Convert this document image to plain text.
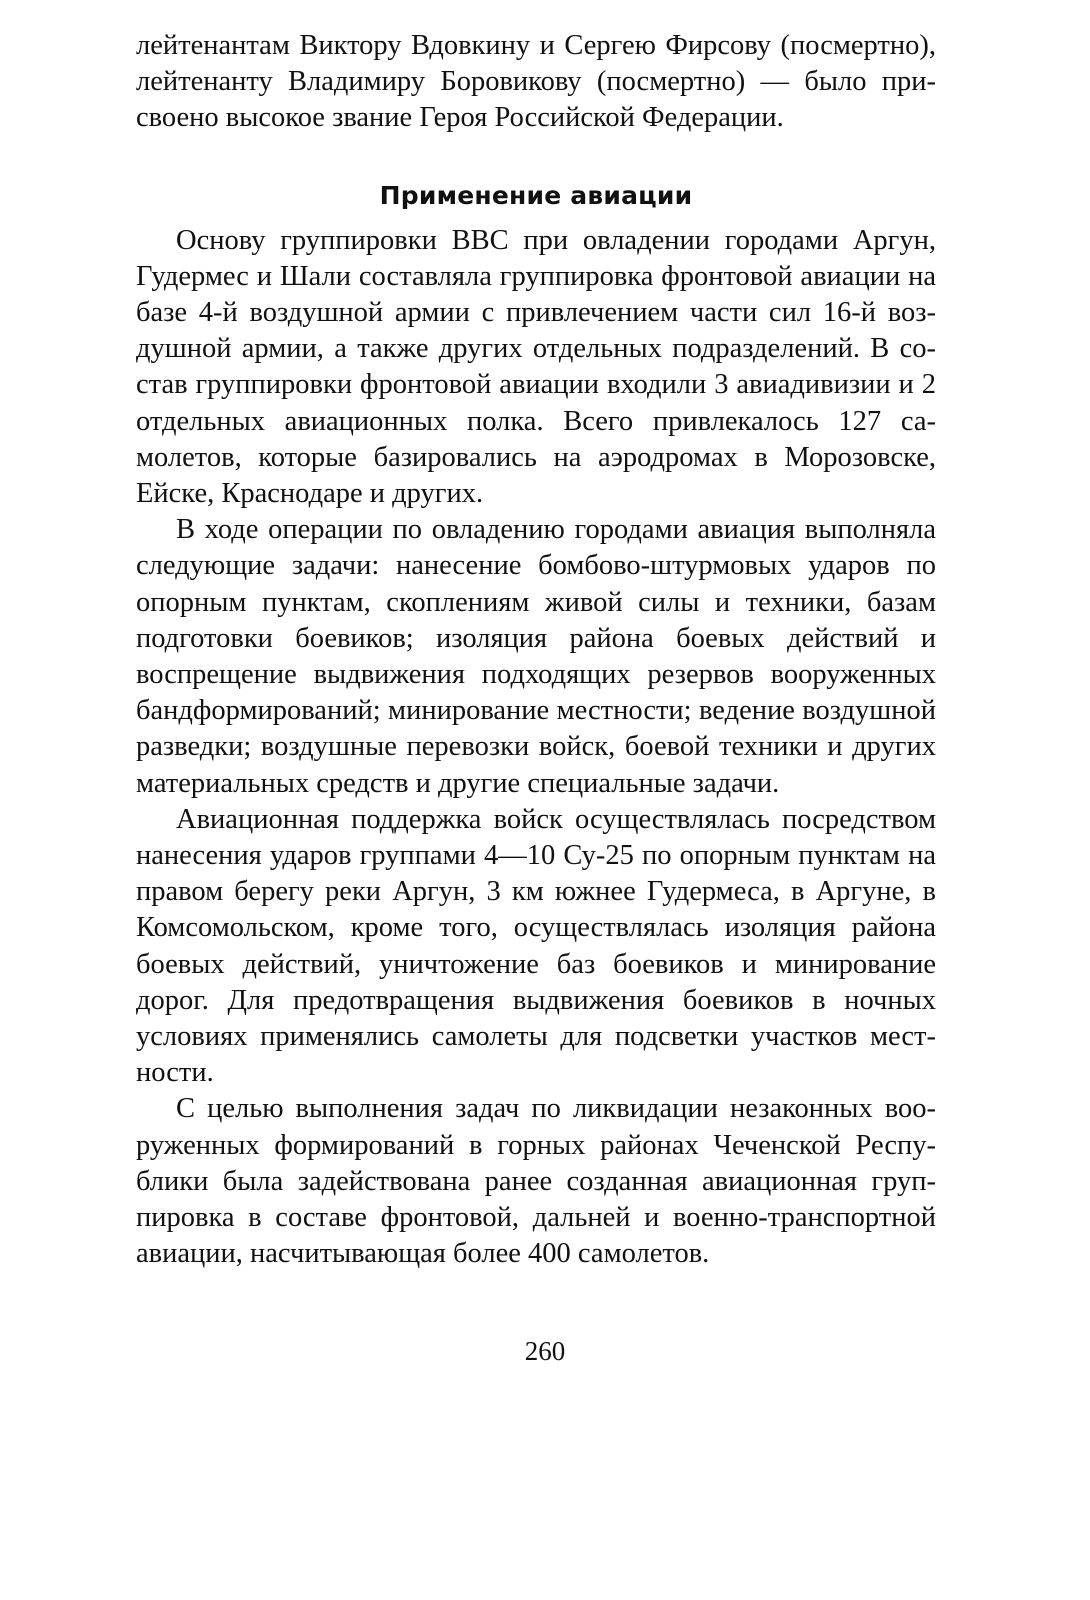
лейтенантам Виктору Вдовкину и Сергею Фирсову (посмертно), лейтенанту Владимиру Боровикову (посмертно) — было присвоено высокое звание Героя Российской Федерации.

Применение авиации

Основу группировки ВВС при овладении городами Аргун, Гудермес и Шали составляла группировка фронтовой авиации на базе 4-й воздушной армии с привлечением части сил 16-й воздушной армии, а также других отдельных подразделений. В состав группировки фронтовой авиации входили 3 авиадивизии и 2 отдельных авиационных полка. Всего привлекалось 127 самолетов, которые базировались на аэродромах в Морозовске, Ейске, Краснодаре и других.

В ходе операции по овладению городами авиация выполняла следующие задачи: нанесение бомбово-штурмовых ударов по опорным пунктам, скоплениям живой силы и техники, базам подготовки боевиков; изоляция района боевых действий и воспрещение выдвижения подходящих резервов вооруженных бандформирований; минирование местности; ведение воздушной разведки; воздушные перевозки войск, боевой техники и других материальных средств и другие специальные задачи.

Авиационная поддержка войск осуществлялась посредством нанесения ударов группами 4—10 Су-25 по опорным пунктам на правом берегу реки Аргун, 3 км южнее Гудермеса, в Аргуне, в Комсомольском, кроме того, осуществлялась изоляция района боевых действий, уничтожение баз боевиков и минирование дорог. Для предотвращения выдвижения боевиков в ночных условиях применялись самолеты для подсветки участков местности.

С целью выполнения задач по ликвидации незаконных вооруженных формирований в горных районах Чеченской Республики была задействована ранее созданная авиационная группировка в составе фронтовой, дальней и военно-транспортной авиации, насчитывающая более 400 самолетов.

260
